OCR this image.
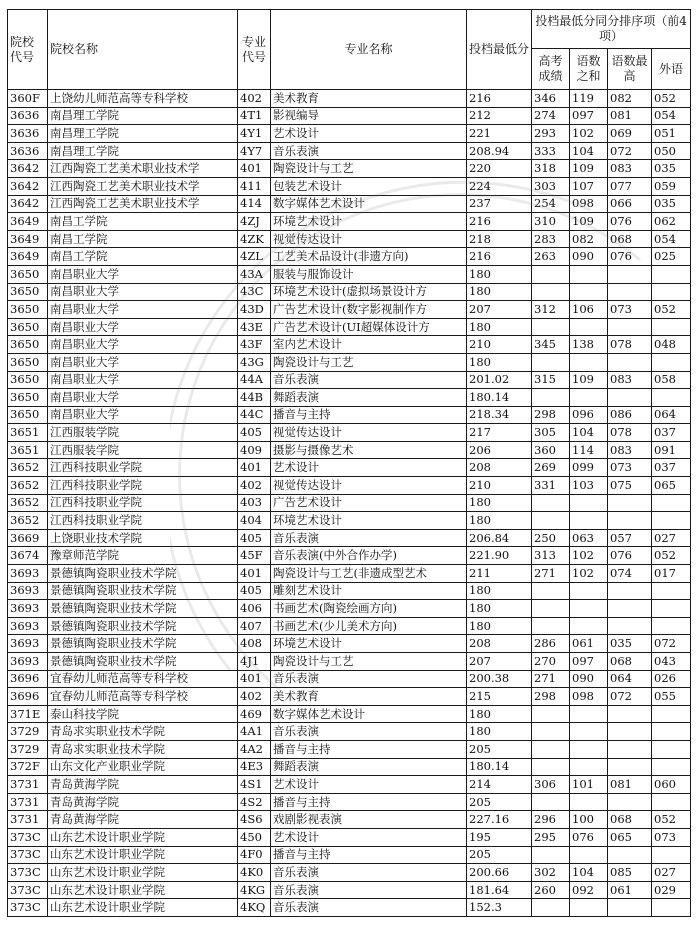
院校代号	院校名称	专业代号	专业名称	投档最低分	投档最低分同分排序项（前4项）			
					高考成绩	语数之和	语数最高	外语
360F	上饶幼儿师范高等专科学校	402	美术教育	216	346	119	082	052
3636	南昌理工学院	4T1	影视编导	212	274	097	081	054
3636	南昌理工学院	4Y1	艺术设计	221	293	102	069	051
3636	南昌理工学院	4Y7	音乐表演	208.94	333	104	072	050
3642	江西陶瓷工艺美术职业技术学	401	陶瓷设计与工艺	220	318	109	083	035
3642	江西陶瓷工艺美术职业技术学	411	包装艺术设计	224	303	107	077	059
3642	江西陶瓷工艺美术职业技术学	414	数字媒体艺术设计	237	254	098	066	035
3649	南昌工学院	4ZJ	环境艺术设计	216	310	109	076	062
3649	南昌工学院	4ZK	视觉传达设计	218	283	082	068	054
3649	南昌工学院	4ZL	工艺美术品设计(非遗方向)	216	263	090	076	025
3650	南昌职业大学	43A	服装与服饰设计	180				
3650	南昌职业大学	43C	环境艺术设计(虚拟场景设计方	180				
3650	南昌职业大学	43D	广告艺术设计(数字影视制作方	207	312	106	073	052
3650	南昌职业大学	43E	广告艺术设计(UI超媒体设计方	180				
3650	南昌职业大学	43F	室内艺术设计	210	345	138	078	048
3650	南昌职业大学	43G	陶瓷设计与工艺	180				
3650	南昌职业大学	44A	音乐表演	201.02	315	109	083	058
3650	南昌职业大学	44B	舞蹈表演	180.14				
3650	南昌职业大学	44C	播音与主持	218.34	298	096	086	064
3651	江西服装学院	405	视觉传达设计	217	305	104	078	037
3651	江西服装学院	409	摄影与摄像艺术	206	360	114	083	091
3652	江西科技职业学院	401	艺术设计	208	269	099	073	037
3652	江西科技职业学院	402	视觉传达设计	210	331	103	075	065
3652	江西科技职业学院	403	广告艺术设计	180				
3652	江西科技职业学院	404	环境艺术设计	180				
3669	上饶职业技术学院	405	音乐表演	206.84	250	063	057	027
3674	豫章师范学院	45F	音乐表演(中外合作办学)	221.90	313	102	076	052
3693	景德镇陶瓷职业技术学院	401	陶瓷设计与工艺(非遗成型艺术	211	271	102	074	017
3693	景德镇陶瓷职业技术学院	405	雕刻艺术设计	180				
3693	景德镇陶瓷职业技术学院	406	书画艺术(陶瓷绘画方向)	180				
3693	景德镇陶瓷职业技术学院	407	书画艺术(少儿美术方向)	180				
3693	景德镇陶瓷职业技术学院	408	环境艺术设计	208	286	061	035	072
3693	景德镇陶瓷职业技术学院	4J1	陶瓷设计与工艺	207	270	097	068	043
3696	宜春幼儿师范高等专科学校	401	音乐表演	200.38	271	090	064	026
3696	宜春幼儿师范高等专科学校	402	美术教育	215	298	098	072	055
371E	泰山科技学院	469	数字媒体艺术设计	180				
3729	青岛求实职业技术学院	4A1	音乐表演	180				
3729	青岛求实职业技术学院	4A2	播音与主持	205				
372F	山东文化产业职业学院	4E3	舞蹈表演	180.14				
3731	青岛黄海学院	4S1	艺术设计	214	306	101	081	060
3731	青岛黄海学院	4S2	播音与主持	205				
3731	青岛黄海学院	4S6	戏剧影视表演	227.16	296	100	068	052
373C	山东艺术设计职业学院	450	艺术设计	195	295	076	065	073
373C	山东艺术设计职业学院	4F0	播音与主持	205				
373C	山东艺术设计职业学院	4K0	音乐表演	200.66	302	104	085	027
373C	山东艺术设计职业学院	4KG	音乐表演	181.64	260	092	061	029
373C	山东艺术设计职业学院	4KQ	音乐表演	152.3				
